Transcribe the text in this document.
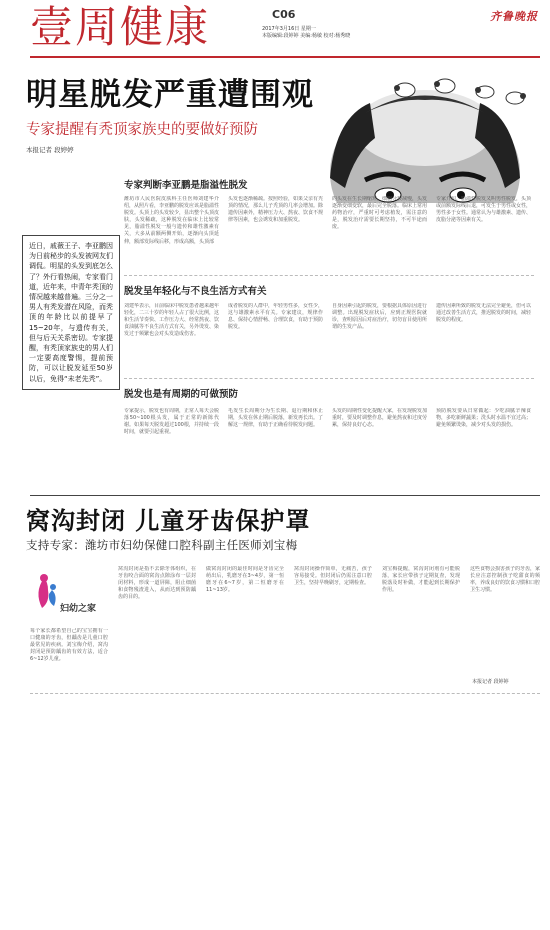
壹周健康	C06
2017年3月16日 星期一
本版编辑:段婷婷 美编:杨敏 校对:杨秀晓
齐鲁晚报
明星脱发严重遭围观
专家提醒有秃顶家族史的要做好预防
本报记者 段婷婷
近日，戚薇王子、李亚鹏因为日前秘步的头发被网友们调侃。明星的头发到底怎么了？外行看热闹，专家看门道，近年来，中青年秃顶的情况越来越普遍。三分之一男人有秃发潜在风险，而秃顶的年龄比以前提早了15~20年，与遗传有关，但与后天关系密切。专家提醒，有秃顶家族史的男人们一定要高度警惕，提前预防，可以让脱发延至50岁以后，免得“未老先秃”。
专家判断李亚鹏是脂溢性脱发
潍坊市人民医院皮肤科主任医师刘建华介绍，从照片看，李亚鹏的脱发应该是脂溢性脱发。头顶上的头发较少，显出整个头顶皮肤，头发稀疏，这种脱发在临床上比较常见，脂溢性脱发一般与遗传和雄性激素有关，大多从前额两侧开始，逐渐向头顶延伸，额部发际线后移，形成高额，头顶部
头发也逐渐稀疏。按照经验，如果父亲有秃顶的情况，那么儿子秃顶的几率会增加。除遗传因素外，精神压力大、熬夜、饮食不规律等因素，也会诱发和加重脱发。
的头发在生长期缩短，细胞分裂减慢，头发逐渐变细变软，最后完全脱落。临床上常用药物治疗，严重时可考虑植发，需注意的是，脱发治疗需要长期坚持，不可半途而废。
专家介绍，脂溢性脱发又叫男性脱发，头顶或前额发际线后退，可发生于男性或女性，男性多于女性。通常认为与雄激素、遗传、皮脂分泌等因素有关。
脱发呈年轻化与不良生活方式有关
刘建华表示，目前临床中脱发患者越来越年轻化，二三十岁的年轻人占了很大比例，这和生活节奏快、工作压力大、经常熬夜、饮食油腻等不良生活方式有关，另外烫发、染发过于频繁也会对头发造成伤害。
成者脱发的人群中，年轻男性多，女性少，这与雄激素水平有关。专家建议，规律作息、保持心情舒畅、合理饮食，有助于预防脱发。
自身因素引起的脱发，要根据具体原因进行调整。出现脱发症状后，应到正规医院就诊，查明原因后对症治疗，切勿盲目使用所谓的生发产品。
遗传因素所致的脱发无法完全避免，但可以通过改善生活方式，推迟脱发的时间，减轻脱发的程度。
脱发也是有周期的可做预防
专家提示，脱发也有周期，正常人每天会脱落50~100根头发，属于正常的新陈代谢。如果每天脱发超过100根，并持续一段时间，就要引起重视。
毛发生长周期分为生长期、退行期和休止期，头发在休止期后脱落，新发再长出。了解这一规律，有助于正确看待脱发问题。
头发的周期性变化提醒大家，在发现脱发加重时，要及时调整作息，避免熬夜和过度劳累，保持良好心态。
预防脱发要从日常做起：少吃油腻辛辣食物，多吃新鲜蔬果；洗头时水温不宜过高；避免频繁烫染，减少对头发的损伤。
窝沟封闭 儿童牙齿保护罩
支持专家：潍坊市妇幼保健口腔科副主任医师刘宝梅
妇幼之家
每个家长都希望自己的宝宝拥有一口健康的牙齿，但龋齿是儿童口腔最常见的疾病。刘宝梅介绍，窝沟封闭是预防龋齿的有效方法，适合6~12岁儿童。
窝沟封闭是指不去除牙体组织，在牙齿咬合面的窝沟点隙涂布一层封闭材料，形成一道屏障，阻止细菌和食物残渣进入，从而达到预防龋齿的目的。
做窝沟封闭的最佳时间是牙齿完全萌出后，乳磨牙在3~4岁，第一恒磨牙在6~7岁，第二恒磨牙在11~13岁。
窝沟封闭操作简单，无痛苦，孩子容易接受。但封闭后仍需注意口腔卫生，坚持早晚刷牙，定期检查。
刘宝梅提醒，窝沟封闭剂有可能脱落，家长应带孩子定期复查，发现脱落及时补做，才能起到长期保护作用。
这些食物会损害孩子的牙齿，家长应注意控制孩子吃甜食的频率，养成良好的饮食习惯和口腔卫生习惯。
本报记者 段婷婷
